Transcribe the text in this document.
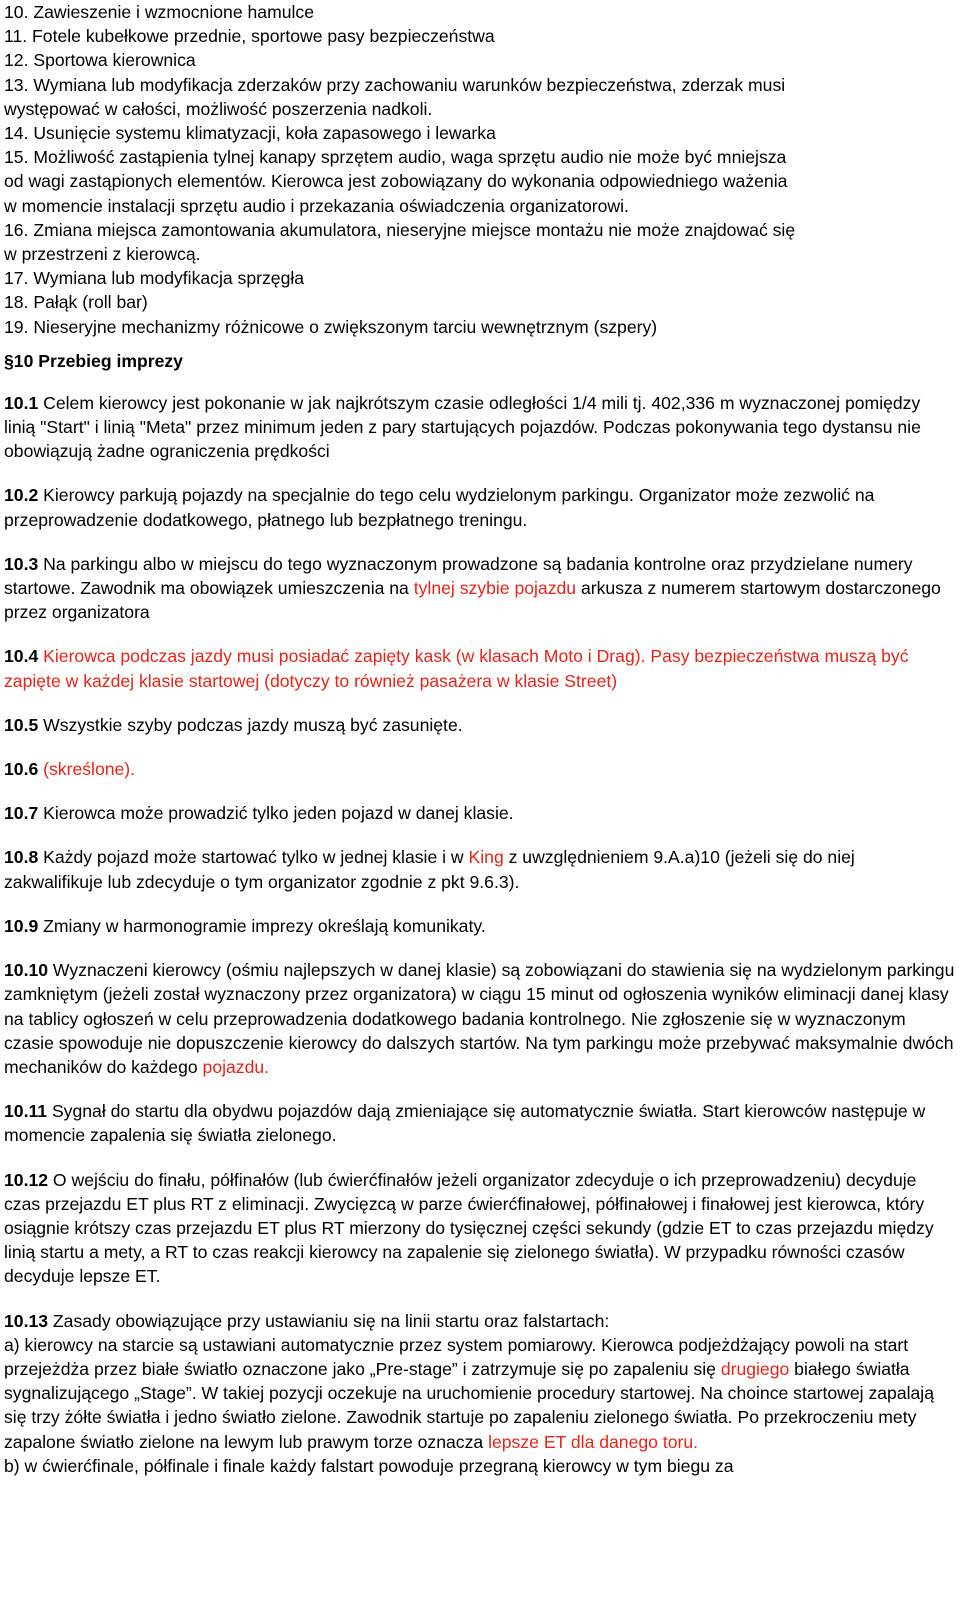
10. Zawieszenie i wzmocnione hamulce

11. Fotele kubełkowe przednie, sportowe pasy bezpieczeństwa

12. Sportowa kierownica

13. Wymiana lub modyfikacja zderzaków przy zachowaniu warunków bezpieczeństwa, zderzak musi

występować w całości, możliwość poszerzenia nadkoli.

14. Usunięcie systemu klimatyzacji, koła zapasowego i lewarka

15. Możliwość zastąpienia tylnej kanapy sprzętem audio, waga sprzętu audio nie może być mniejsza

od wagi zastąpionych elementów. Kierowca jest zobowiązany do wykonania odpowiedniego ważenia

w momencie instalacji sprzętu audio i przekazania oświadczenia organizatorowi.

16. Zmiana miejsca zamontowania akumulatora, nieseryjne miejsce montażu nie może znajdować się

w przestrzeni z kierowcą.

17. Wymiana lub modyfikacja sprzęgła

18. Pałąk (roll bar)

19. Nieseryjne mechanizmy różnicowe o zwiększonym tarciu wewnętrznym (szpery)

§10 Przebieg imprezy

10.1 Celem kierowcy jest pokonanie w jak najkrótszym czasie odległości 1/4 mili tj. 402,336 m wyznaczonej pomiędzy linią "Start" i linią "Meta" przez minimum jeden z pary startujących pojazdów. Podczas pokonywania tego dystansu nie obowiązują żadne ograniczenia prędkości

10.2 Kierowcy parkują pojazdy na specjalnie do tego celu wydzielonym parkingu. Organizator może zezwolić na przeprowadzenie dodatkowego, płatnego lub bezpłatnego treningu.

10.3 Na parkingu albo w miejscu do tego wyznaczonym prowadzone są badania kontrolne oraz przydzielane numery startowe. Zawodnik ma obowiązek umieszczenia na tylnej szybie pojazdu arkusza z numerem startowym dostarczonego przez organizatora

10.4 Kierowca podczas jazdy musi posiadać zapięty kask (w klasach Moto i Drag). Pasy bezpieczeństwa muszą być zapięte w każdej klasie startowej (dotyczy to również pasażera w klasie Street)

10.5 Wszystkie szyby podczas jazdy muszą być zasunięte.

10.6 (skreślone).

10.7 Kierowca może prowadzić tylko jeden pojazd w danej klasie.

10.8 Każdy pojazd może startować tylko w jednej klasie i w King z uwzględnieniem 9.A.a)10 (jeżeli się do niej zakwalifikuje lub zdecyduje o tym organizator zgodnie z pkt 9.6.3).

10.9 Zmiany w harmonogramie imprezy określają komunikaty.

10.10 Wyznaczeni kierowcy (ośmiu najlepszych w danej klasie) są zobowiązani do stawienia się na wydzielonym parkingu zamkniętym (jeżeli został wyznaczony przez organizatora) w ciągu 15 minut od ogłoszenia wyników eliminacji danej klasy na tablicy ogłoszeń w celu przeprowadzenia dodatkowego badania kontrolnego. Nie zgłoszenie się w wyznaczonym czasie spowoduje nie dopuszczenie kierowcy do dalszych startów. Na tym parkingu może przebywać maksymalnie dwóch mechaników do każdego pojazdu.

10.11 Sygnał do startu dla obydwu pojazdów dają zmieniające się automatycznie światła. Start kierowców następuje w momencie zapalenia się światła zielonego.

10.12 O wejściu do finału, półfinałów (lub ćwierćfinałów jeżeli organizator zdecyduje o ich przeprowadzeniu) decyduje czas przejazdu ET plus RT z eliminacji. Zwycięzcą w parze ćwierćfinałowej, półfinałowej i finałowej jest kierowca, który osiągnie krótszy czas przejazdu ET plus RT mierzony do tysięcznej części sekundy (gdzie ET to czas przejazdu między linią startu a mety, a RT to czas reakcji kierowcy na zapalenie się zielonego światła). W przypadku równości czasów decyduje lepsze ET.

10.13 Zasady obowiązujące przy ustawianiu się na linii startu oraz falstartach:

a) kierowcy na starcie są ustawiani automatycznie przez system pomiarowy. Kierowca podjeżdżający powoli na start przejeżdża przez białe światło oznaczone jako „Pre-stage” i zatrzymuje się po zapaleniu się drugiego białego światła sygnalizującego „Stage”. W takiej pozycji oczekuje na uruchomienie procedury startowej. Na choince startowej zapalają się trzy żółte światła i jedno światło zielone. Zawodnik startuje po zapaleniu zielonego światła. Po przekroczeniu mety zapalone światło zielone na lewym lub prawym torze oznacza lepsze ET dla danego toru.

b) w ćwierćfinale, półfinale i finale każdy falstart powoduje przegraną kierowcy w tym biegu za
